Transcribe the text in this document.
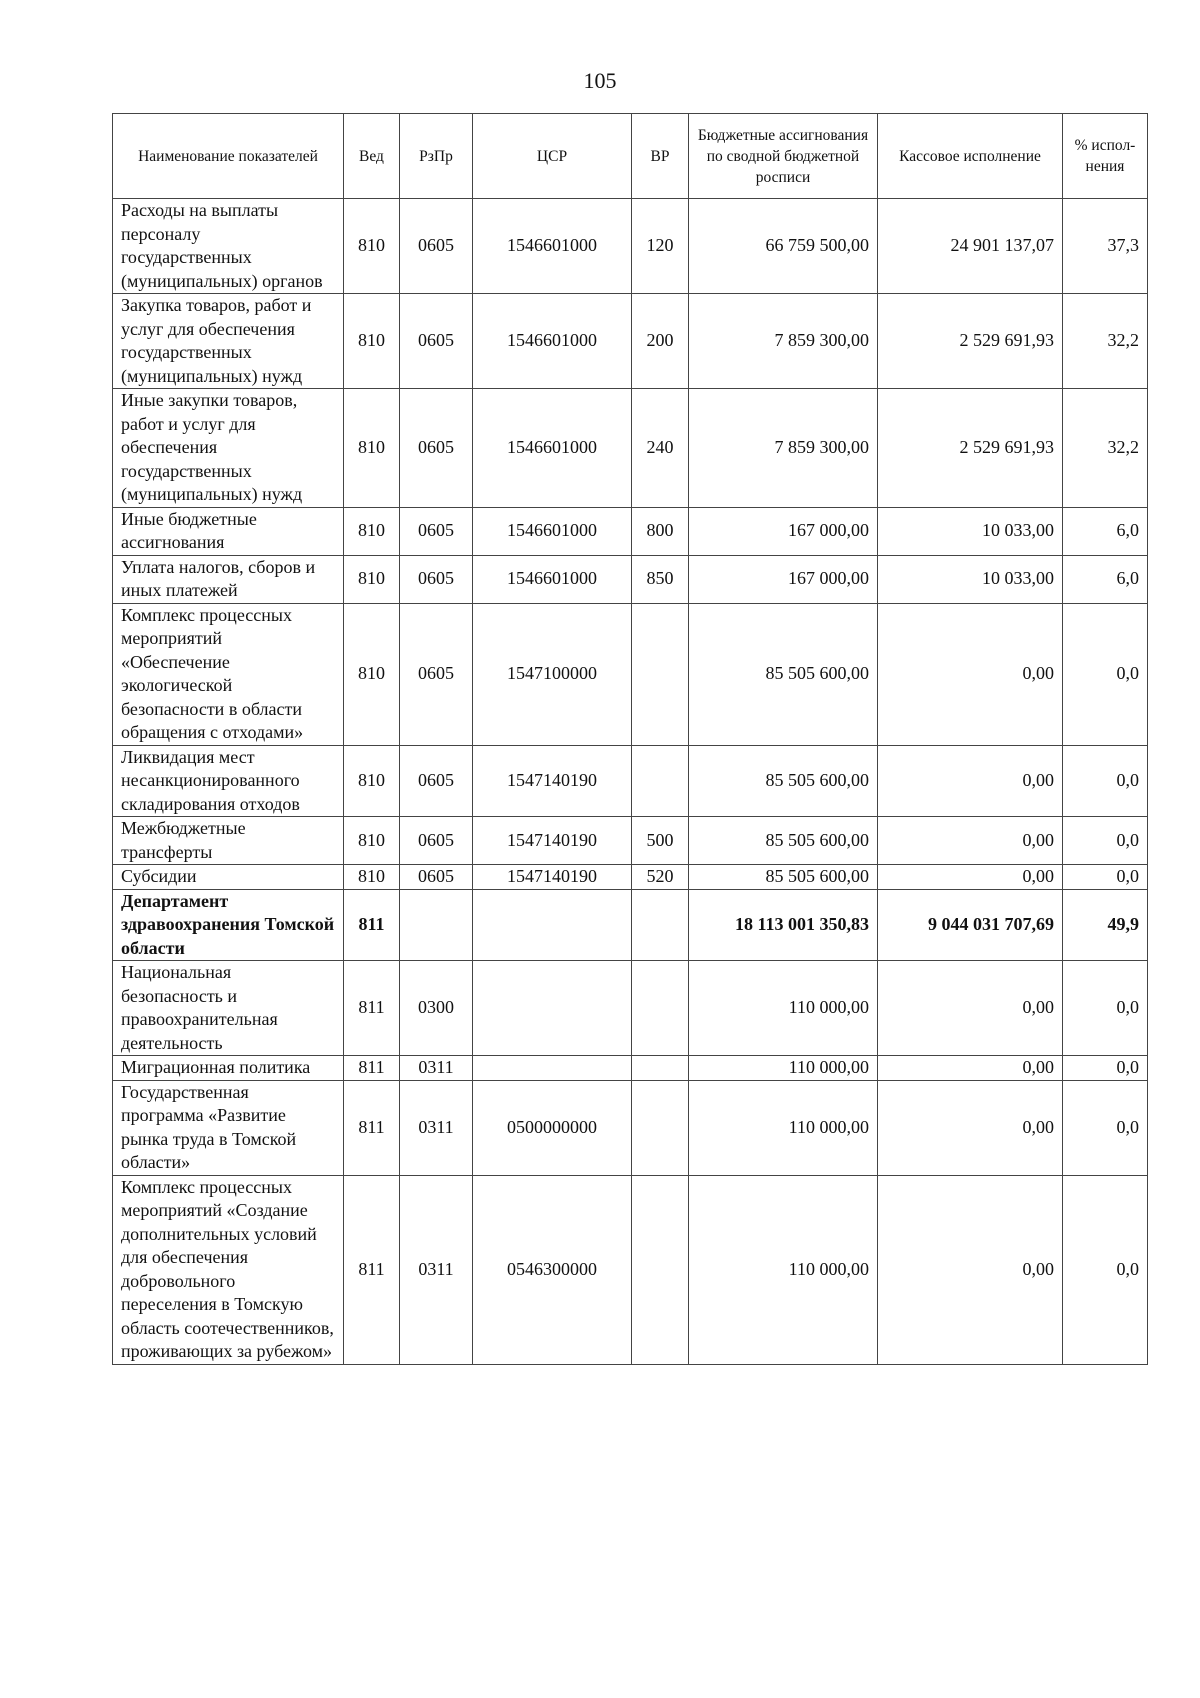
105
Наименование показателей	Вед	РзПр	ЦСР	ВР	Бюджетные ассигнования по сводной бюджетной росписи	Кассовое исполнение	% испол-нения
Расходы на выплаты персоналу государственных (муниципальных) органов	810	0605	1546601000	120	66 759 500,00	24 901 137,07	37,3
Закупка товаров, работ и услуг для обеспечения государственных (муниципальных) нужд	810	0605	1546601000	200	7 859 300,00	2 529 691,93	32,2
Иные закупки товаров, работ и услуг для обеспечения государственных (муниципальных) нужд	810	0605	1546601000	240	7 859 300,00	2 529 691,93	32,2
Иные бюджетные ассигнования	810	0605	1546601000	800	167 000,00	10 033,00	6,0
Уплата налогов, сборов и иных платежей	810	0605	1546601000	850	167 000,00	10 033,00	6,0
Комплекс процессных мероприятий «Обеспечение экологической безопасности в области обращения с отходами»	810	0605	1547100000		85 505 600,00	0,00	0,0
Ликвидация мест несанкционированного складирования отходов	810	0605	1547140190		85 505 600,00	0,00	0,0
Межбюджетные трансферты	810	0605	1547140190	500	85 505 600,00	0,00	0,0
Субсидии	810	0605	1547140190	520	85 505 600,00	0,00	0,0
Департамент здравоохранения Томской области	811				18 113 001 350,83	9 044 031 707,69	49,9
Национальная безопасность и правоохранительная деятельность	811	0300			110 000,00	0,00	0,0
Миграционная политика	811	0311			110 000,00	0,00	0,0
Государственная программа «Развитие рынка труда в Томской области»	811	0311	0500000000		110 000,00	0,00	0,0
Комплекс процессных мероприятий «Создание дополнительных условий для обеспечения добровольного переселения в Томскую область соотечественников, проживающих за рубежом»	811	0311	0546300000		110 000,00	0,00	0,0
